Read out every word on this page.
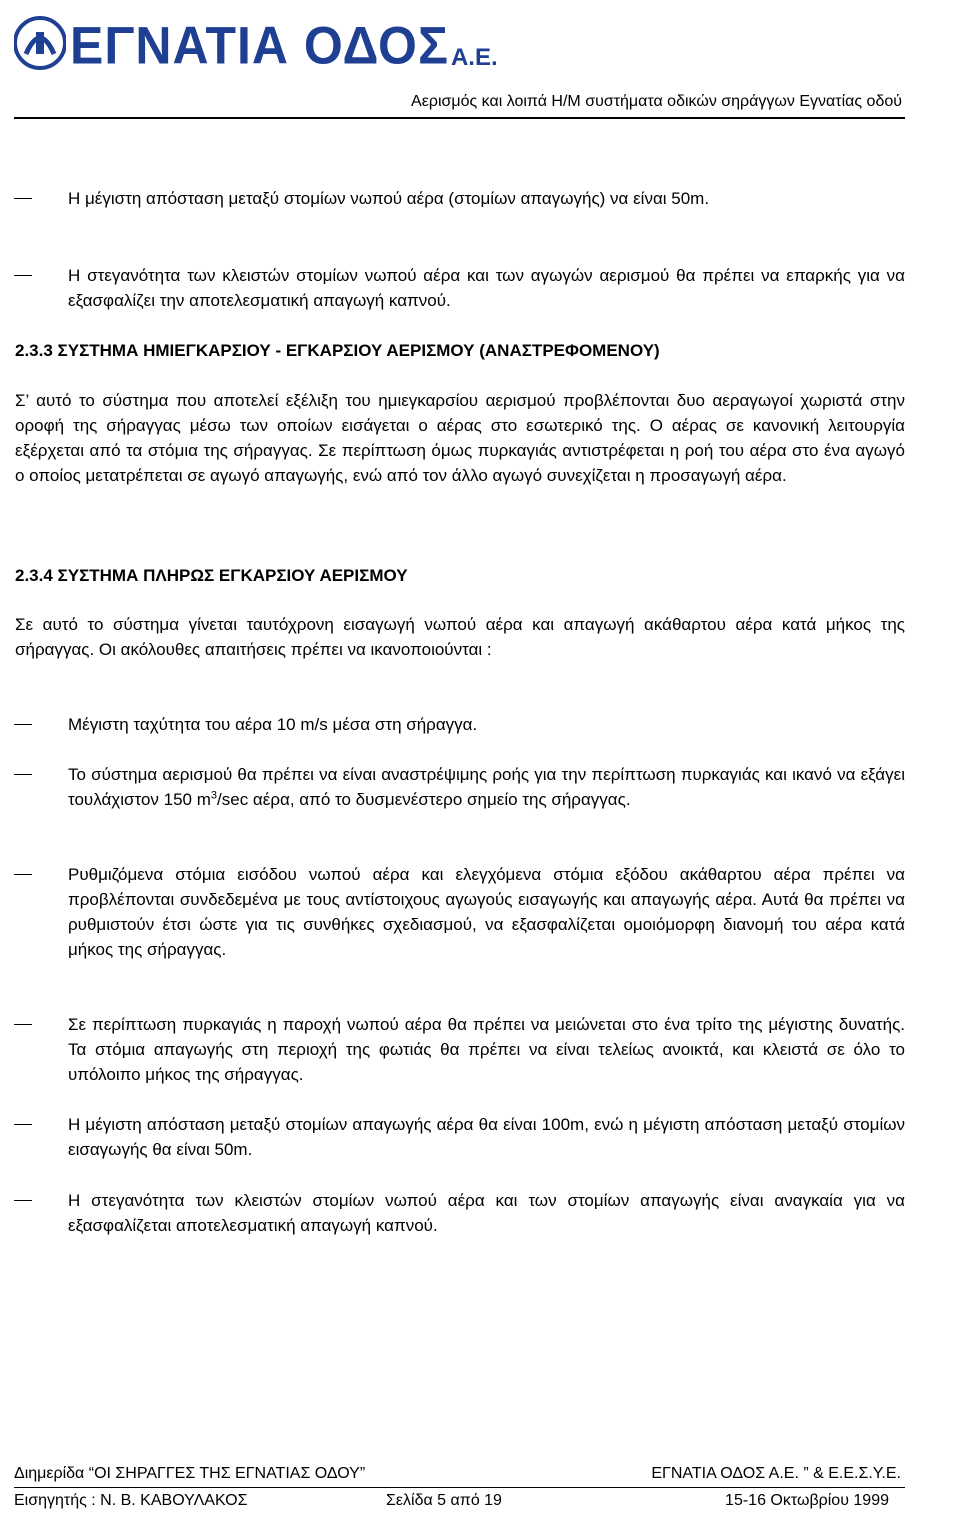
ΕΓΝΑΤΙΑ ΟΔΟΣ Α.Ε.
Αερισμός και λοιπά Η/Μ συστήματα οδικών σηράγγων Εγνατίας οδού
Η μέγιστη απόσταση μεταξύ στομίων νωπού αέρα (στομίων απαγωγής) να είναι 50m.
Η στεγανότητα των κλειστών στομίων νωπού αέρα και των αγωγών αερισμού θα πρέπει να επαρκής για να εξασφαλίζει την αποτελεσματική απαγωγή καπνού.
2.3.3 ΣΥΣΤΗΜΑ ΗΜΙΕΓΚΑΡΣΙΟΥ - ΕΓΚΑΡΣΙΟΥ ΑΕΡΙΣΜΟΥ (ΑΝΑΣΤΡΕΦΟΜΕΝΟΥ)
Σ’ αυτό το σύστημα που αποτελεί εξέλιξη του ημιεγκαρσίου αερισμού προβλέπονται δυο αεραγωγοί χωριστά στην οροφή της σήραγγας μέσω των οποίων εισάγεται ο αέρας στο εσωτερικό της. Ο αέρας σε κανονική λειτουργία εξέρχεται από τα στόμια της σήραγγας. Σε περίπτωση όμως πυρκαγιάς αντιστρέφεται η ροή του αέρα στο ένα αγωγό ο οποίος μετατρέπεται σε αγωγό απαγωγής, ενώ από τον άλλο αγωγό συνεχίζεται η προσαγωγή αέρα.
2.3.4 ΣΥΣΤΗΜΑ ΠΛΗΡΩΣ ΕΓΚΑΡΣΙΟΥ ΑΕΡΙΣΜΟΥ
Σε αυτό το σύστημα γίνεται ταυτόχρονη εισαγωγή νωπού αέρα και απαγωγή ακάθαρτου αέρα κατά μήκος της σήραγγας. Οι ακόλουθες απαιτήσεις πρέπει να ικανοποιούνται :
Μέγιστη ταχύτητα του αέρα 10 m/s μέσα στη σήραγγα.
Το σύστημα αερισμού θα πρέπει να είναι αναστρέψιμης ροής για την περίπτωση πυρκαγιάς και ικανό να εξάγει τουλάχιστον 150 $m^3/\sec$ αέρα, από το δυσμενέστερο σημείο της σήραγγας.
Ρυθμιζόμενα στόμια εισόδου νωπού αέρα και ελεγχόμενα στόμια εξόδου ακάθαρτου αέρα πρέπει να προβλέπονται συνδεδεμένα με τους αντίστοιχους αγωγούς εισαγωγής και απαγωγής αέρα. Αυτά θα πρέπει να ρυθμιστούν έτσι ώστε για τις συνθήκες σχεδιασμού, να εξασφαλίζεται ομοιόμορφη διανομή του αέρα κατά μήκος της σήραγγας.
Σε περίπτωση πυρκαγιάς η παροχή νωπού αέρα θα πρέπει να μειώνεται στο ένα τρίτο της μέγιστης δυνατής. Τα στόμια απαγωγής στη περιοχή της φωτιάς θα πρέπει να είναι τελείως ανοικτά, και κλειστά σε όλο το υπόλοιπο μήκος της σήραγγας.
Η μέγιστη απόσταση μεταξύ στομίων απαγωγής αέρα θα είναι 100m, ενώ η μέγιστη απόσταση μεταξύ στομίων εισαγωγής θα είναι 50m.
Η στεγανότητα των κλειστών στομίων νωπού αέρα και των στομίων απαγωγής είναι αναγκαία για να εξασφαλίζεται αποτελεσματική απαγωγή καπνού.
Διημερίδα “ΟΙ ΣΗΡΑΓΓΕΣ ΤΗΣ ΕΓΝΑΤΙΑΣ ΟΔΟΥ”	ΕΓΝΑΤΙΑ ΟΔΟΣ Α.Ε. ” & Ε.Ε.Σ.Υ.Ε.
Εισηγητής : Ν. Β. ΚΑΒΟΥΛΑΚΟΣ	Σελίδα 5 από 19	15-16 Οκτωβρίου 1999
